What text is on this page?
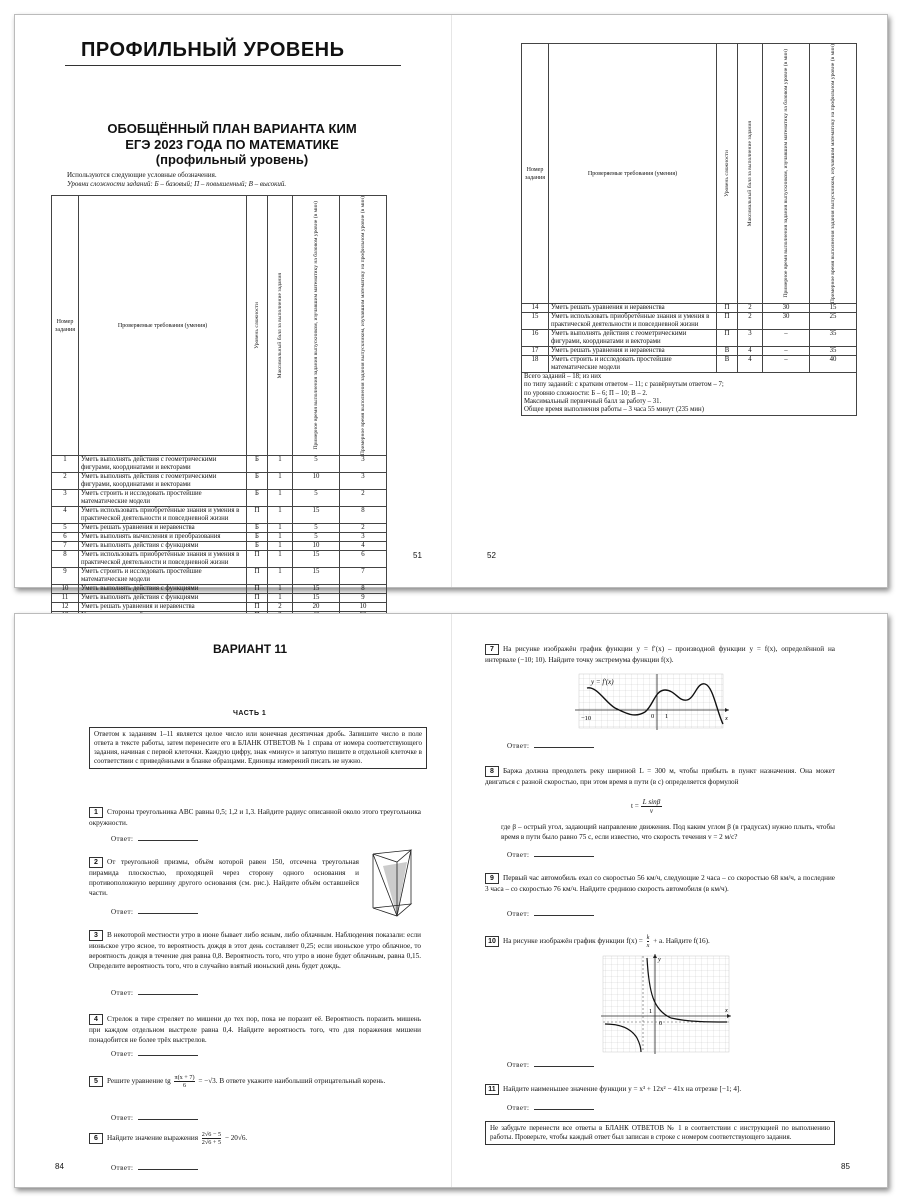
ПРОФИЛЬНЫЙ УРОВЕНЬ
ОБОБЩЁННЫЙ ПЛАН ВАРИАНТА КИМ
ЕГЭ 2023 ГОДА ПО МАТЕМАТИКЕ
(профильный уровень)
Используются следующие условные обозначения.
Уровни сложности заданий: Б – базовый; П – повышенный; В – высокий.
Номер задания	Проверяемые требования (умения)	Уровень сложности	Максимальный балл за выполнение задания	Примерное время выполнения задания выпускником, изучавшим математику на базовом уровне (в мин)	Примерное время выполнения задания выпускником, изучавшим математику на профильном уровне (в мин)

1	Уметь выполнять действия с геометрическими фигурами, координатами и векторами	Б	1	5	3
2	Уметь выполнять действия с геометрическими фигурами, координатами и векторами	Б	1	10	3
3	Уметь строить и исследовать простейшие математические модели	Б	1	5	2
4	Уметь использовать приобретённые знания и умения в практической деятельности и повседневной жизни	П	1	15	8
5	Уметь решать уравнения и неравенства	Б	1	5	2
6	Уметь выполнять вычисления и преобразования	Б	1	5	3
7	Уметь выполнять действия с функциями	Б	1	10	4
8	Уметь использовать приобретённые знания и умения в практической деятельности и повседневной жизни	П	1	15	6
9	Уметь строить и исследовать простейшие математические модели	П	1	15	7
10	Уметь выполнять действия с функциями	П	1	15	8
11	Уметь выполнять действия с функциями	П	1	15	9
12	Уметь решать уравнения и неравенства	П	2	20	10

51
Номер задания	Проверяемые требования (умения)	Уровень сложности	Максимальный балл за выполнение задания	Примерное время выполнения задания выпускником, изучавшим математику на базовом уровне (в мин)	Примерное время выполнения задания выпускником, изучавшим математику на профильном уровне (в мин)

14	Уметь решать уравнения и неравенства	П	2	30	15
15	Уметь использовать приобретённые знания и умения в практической деятельности и повседневной жизни	П	2	30	25
16	Уметь выполнять действия с геометрическими фигурами, координатами и векторами	П	3	–	35
17	Уметь решать уравнения и неравенства	В	4	–	35
18	Уметь строить и исследовать простейшие математические модели	В	4	–	40

Всего заданий – 18; из них
по типу заданий: с кратким ответом – 11; с развёрнутым ответом – 7;
по уровню сложности: Б – 6; П – 10; В – 2.
Максимальный первичный балл за работу – 31.
Общее время выполнения работы – 3 часа 55 минут (235 мин)					
52
ВАРИАНТ 11
ЧАСТЬ 1
Ответом к заданиям 1–11 является целое число или конечная десятичная дробь. Запишите число в поле ответа в тексте работы, затем перенесите его в БЛАНК ОТВЕТОВ № 1 справа от номера соответствующего задания, начиная с первой клеточки. Каждую цифру, знак «минус» и запятую пишите в отдельной клеточке в соответствии с приведёнными в бланке образцами. Единицы измерений писать не нужно.
1 Стороны треугольника ABC равны 0,5; 1,2 и 1,3. Найдите радиус описанной около этого треугольника окружности.
Ответ:
2 От треугольной призмы, объём которой равен 150, отсечена треугольная пирамида плоскостью, проходящей через сторону одного основания и противоположную вершину другого основания (см. рис.). Найдите объём оставшейся части.
Ответ:
3 В некоторой местности утро в июне бывает либо ясным, либо облачным. Наблюдения показали: если июньское утро ясное, то вероятность дождя в этот день составляет 0,25; если июньское утро облачное, то вероятность дождя в течение дня равна 0,8. Вероятность того, что утро в июне будет облачным, равна 0,15. Определите вероятность того, что в случайно взятый июньский день будет дождь.
Ответ:
4 Стрелок в тире стреляет по мишени до тех пор, пока не поразит её. Вероятность поразить мишень при каждом отдельном выстреле равна 0,4. Найдите вероятность того, что для поражения мишени понадобится не более трёх выстрелов.
Ответ:
5 Решите уравнение tg $\frac{\pi(x + 7)}{6} = -√3$. В ответе укажите наибольший отрицательный корень.
Ответ:
6 Найдите значение выражения $\frac{2√6 - 5}{2√6 + 5} - 20√6$.
Ответ:
84
7 На рисунке изображён график функции y = f′(x) – производной функции y = f(x), определённой на интервале (−10; 10). Найдите точку экстремума функции f(x).
y = f′(x)
−10	0 1	x
Ответ:
8 Баржа должна преодолеть реку шириной L = 300 м, чтобы прибыть в пункт назначения. Она может двигаться с разной скоростью, при этом время в пути (в с) определяется формулой
$t = \frac{\text{L sinβ}}{v}$
где β – острый угол, задающий направление движения. Под каким углом β (в градусах) нужно плыть, чтобы время в пути было равно 75 с, если известно, что скорость течения v = 2 м/с?
Ответ:
9 Первый час автомобиль ехал со скоростью 56 км/ч, следующие 2 часа – со скоростью 68 км/ч, а последние 3 часа – со скоростью 76 км/ч. Найдите среднюю скорость автомобиля (в км/ч).
Ответ:
10 На рисунке изображён график функции $f(x) = \frac{k}{x} + a$. Найдите f(16).
y
x
1
0
Ответ:
11 Найдите наименьшее значение функции y = x³ + 12x² − 41x на отрезке [−1; 4].
Ответ:
Не забудьте перенести все ответы в БЛАНК ОТВЕТОВ № 1 в соответствии с инструкцией по выполнению работы. Проверьте, чтобы каждый ответ был записан в строке с номером соответствующего задания.
85
